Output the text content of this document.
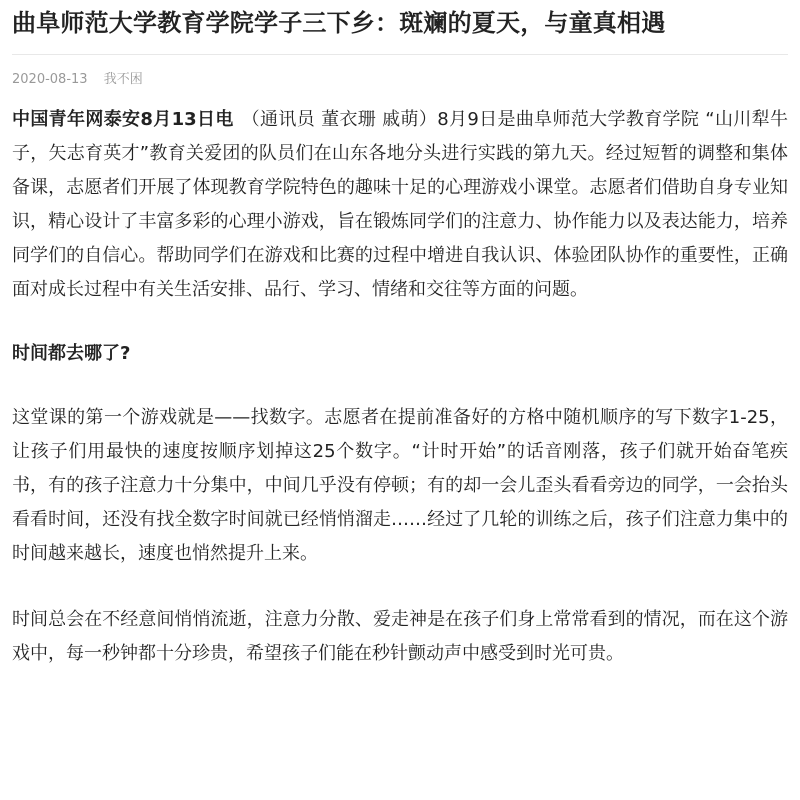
曲阜师范大学教育学院学子三下乡：斑斓的夏天，与童真相遇
2020-08-13 我不困

中国青年网泰安8月13日电 （通讯员 董衣珊 戚萌）8月9日是曲阜师范大学教育学院 “山川犁牛子，矢志育英才”教育关爱团的队员们在山东各地分头进行实践的第九天。经过短暂的调整和集体备课，志愿者们开展了体现教育学院特色的趣味十足的心理游戏小课堂。志愿者们借助自身专业知识，精心设计了丰富多彩的心理小游戏，旨在锻炼同学们的注意力、协作能力以及表达能力，培养同学们的自信心。帮助同学们在游戏和比赛的过程中增进自我认识、体验团队协作的重要性，正确面对成长过程中有关生活安排、品行、学习、情绪和交往等方面的问题。

时间都去哪了?

这堂课的第一个游戏就是——找数字。志愿者在提前准备好的方格中随机顺序的写下数字1-25，让孩子们用最快的速度按顺序划掉这25个数字。“计时开始”的话音刚落，孩子们就开始奋笔疾书，有的孩子注意力十分集中，中间几乎没有停顿；有的却一会儿歪头看看旁边的同学，一会抬头看看时间，还没有找全数字时间就已经悄悄溜走……经过了几轮的训练之后，孩子们注意力集中的时间越来越长，速度也悄然提升上来。

时间总会在不经意间悄悄流逝，注意力分散、爱走神是在孩子们身上常常看到的情况，而在这个游戏中，每一秒钟都十分珍贵，希望孩子们能在秒针颤动声中感受到时光可贵。
